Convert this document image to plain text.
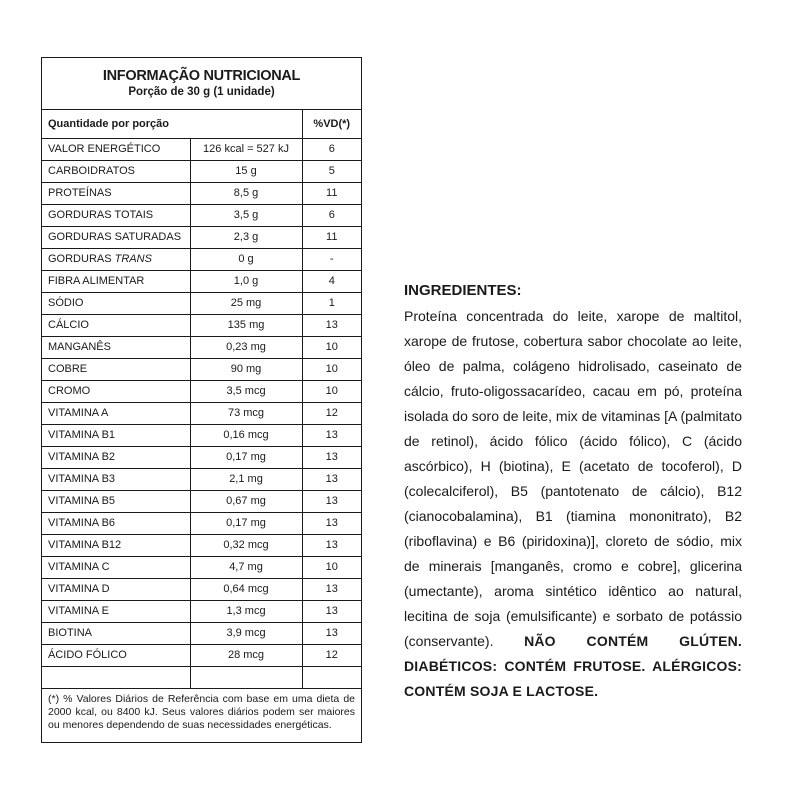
INFORMAÇÃO NUTRICIONAL
Porção de 30 g (1 unidade)
Quantidade por porção		%VD(*)
VALOR ENERGÉTICO	126 kcal = 527 kJ	6
CARBOIDRATOS	15 g	5
PROTEÍNAS	8,5 g	11
GORDURAS TOTAIS	3,5 g	6
GORDURAS SATURADAS	2,3 g	11
GORDURAS TRANS	0 g	-
FIBRA ALIMENTAR	1,0 g	4
SÓDIO	25 mg	1
CÁLCIO	135 mg	13
MANGANÊS	0,23 mg	10
COBRE	90 mg	10
CROMO	3,5 mcg	10
VITAMINA A	73 mcg	12
VITAMINA B1	0,16 mcg	13
VITAMINA B2	0,17 mg	13
VITAMINA B3	2,1 mg	13
VITAMINA B5	0,67 mg	13
VITAMINA B6	0,17 mg	13
VITAMINA B12	0,32 mcg	13
VITAMINA C	4,7 mg	10
VITAMINA D	0,64 mcg	13
VITAMINA E	1,3 mcg	13
BIOTINA	3,9 mcg	13
ÁCIDO FÓLICO	28 mcg	12

(*) % Valores Diários de Referência com base em uma dieta de 2000 kcal, ou 8400 kJ. Seus valores diários podem ser maiores ou menores dependendo de suas necessidades energéticas.
INGREDIENTES:
Proteína concentrada do leite, xarope de maltitol, xarope de frutose, cobertura sabor chocolate ao leite, óleo de palma, colágeno hidrolisado, caseinato de cálcio, fruto-oligossacarídeo, cacau em pó, proteína isolada do soro de leite, mix de vitaminas [A (palmitato de retinol), ácido fólico (ácido fólico), C (ácido ascórbico), H (biotina), E (acetato de tocoferol), D (colecalciferol), B5 (pantotenato de cálcio), B12 (cianocobalamina), B1 (tiamina mononitrato), B2 (riboflavina) e B6 (piridoxina)], cloreto de sódio, mix de minerais [manganês, cromo e cobre], glicerina (umectante), aroma sintético idêntico ao natural, lecitina de soja (emulsificante) e sorbato de potássio (conservante). NÃO CONTÉM GLÚTEN. DIABÉTICOS: CONTÉM FRUTOSE. ALÉRGICOS: CONTÉM SOJA E LACTOSE.
